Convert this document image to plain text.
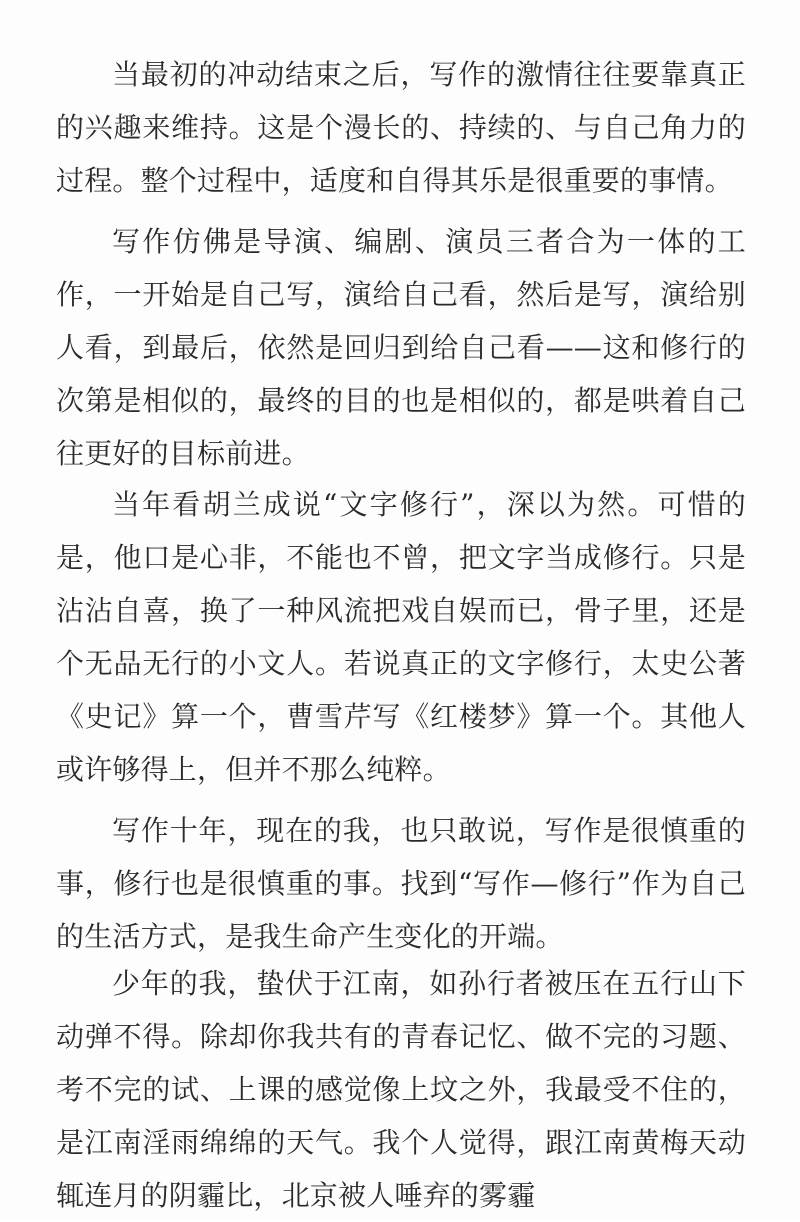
当最初的冲动结束之后，写作的激情往往要靠真正的兴趣来维持。这是个漫长的、持续的、与自己角力的过程。整个过程中，适度和自得其乐是很重要的事情。

写作仿佛是导演、编剧、演员三者合为一体的工作，一开始是自己写，演给自己看，然后是写，演给别人看，到最后，依然是回归到给自己看——这和修行的次第是相似的，最终的目的也是相似的，都是哄着自己往更好的目标前进。

当年看胡兰成说“文字修行”，深以为然。可惜的是，他口是心非，不能也不曾，把文字当成修行。只是沾沾自喜，换了一种风流把戏自娱而已，骨子里，还是个无品无行的小文人。若说真正的文字修行，太史公著《史记》算一个，曹雪芹写《红楼梦》算一个。其他人或许够得上，但并不那么纯粹。

写作十年，现在的我，也只敢说，写作是很慎重的事，修行也是很慎重的事。找到“写作—修行”作为自己的生活方式，是我生命产生变化的开端。

少年的我，蛰伏于江南，如孙行者被压在五行山下动弹不得。除却你我共有的青春记忆、做不完的习题、考不完的试、上课的感觉像上坟之外，我最受不住的，是江南淫雨绵绵的天气。我个人觉得，跟江南黄梅天动辄连月的阴霾比，北京被人唾弃的雾霾
